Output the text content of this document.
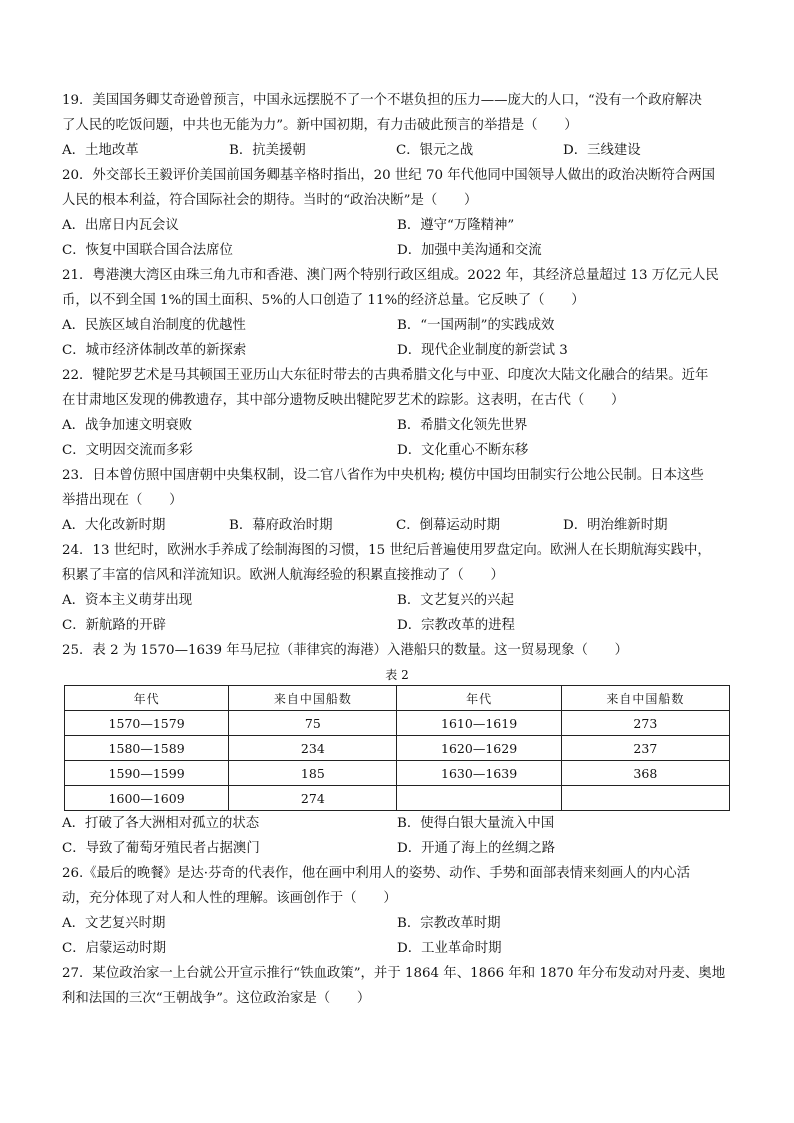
19．美国国务卿艾奇逊曾预言，中国永远摆脱不了一个不堪负担的压力——庞大的人口，“没有一个政府解决
了人民的吃饭问题，中共也无能为力”。新中国初期，有力击破此预言的举措是（　　）
A．土地改革	B．抗美援朝	C．银元之战	D．三线建设
20．外交部长王毅评价美国前国务卿基辛格时指出，20 世纪 70 年代他同中国领导人做出的政治决断符合两国
人民的根本利益，符合国际社会的期待。当时的“政治决断”是（　　）
A．出席日内瓦会议	B．遵守“万隆精神”
C．恢复中国联合国合法席位	D．加强中美沟通和交流
21．粤港澳大湾区由珠三角九市和香港、澳门两个特别行政区组成。2022 年，其经济总量超过 13 万亿元人民
币，以不到全国 1%的国土面积、5%的人口创造了 11%的经济总量。它反映了（　　）
A．民族区域自治制度的优越性	B．“一国两制”的实践成效
C．城市经济体制改革的新探索	D．现代企业制度的新尝试 3
22．犍陀罗艺术是马其顿国王亚历山大东征时带去的古典希腊文化与中亚、印度次大陆文化融合的结果。近年
在甘肃地区发现的佛教遗存，其中部分遗物反映出犍陀罗艺术的踪影。这表明，在古代（　　）
A．战争加速文明衰败	B．希腊文化领先世界
C．文明因交流而多彩	D．文化重心不断东移
23．日本曾仿照中国唐朝中央集权制，设二官八省作为中央机构; 模仿中国均田制实行公地公民制。日本这些
举措出现在（　　）
A．大化改新时期	B．幕府政治时期	C．倒幕运动时期	D．明治维新时期
24．13 世纪时，欧洲水手养成了绘制海图的习惯，15 世纪后普遍使用罗盘定向。欧洲人在长期航海实践中，
积累了丰富的信风和洋流知识。欧洲人航海经验的积累直接推动了（　　）
A．资本主义萌芽出现	B．文艺复兴的兴起
C．新航路的开辟	D．宗教改革的进程
25．表 2 为 1570—1639 年马尼拉（菲律宾的海港）入港船只的数量。这一贸易现象（　　）
表 2
年代	来自中国船数	年代	来自中国船数
1570—1579	75	1610—1619	273
1580—1589	234	1620—1629	237
1590—1599	185	1630—1639	368
1600—1609	274		
A．打破了各大洲相对孤立的状态	B．使得白银大量流入中国
C．导致了葡萄牙殖民者占据澳门	D．开通了海上的丝绸之路
26.《最后的晚餐》是达·芬奇的代表作，他在画中利用人的姿势、动作、手势和面部表情来刻画人的内心活
动，充分体现了对人和人性的理解。该画创作于（　　）
A．文艺复兴时期	B．宗教改革时期
C．启蒙运动时期	D．工业革命时期
27．某位政治家一上台就公开宣示推行“铁血政策”，并于 1864 年、1866 年和 1870 年分布发动对丹麦、奥地
利和法国的三次“王朝战争”。这位政治家是（　　）
